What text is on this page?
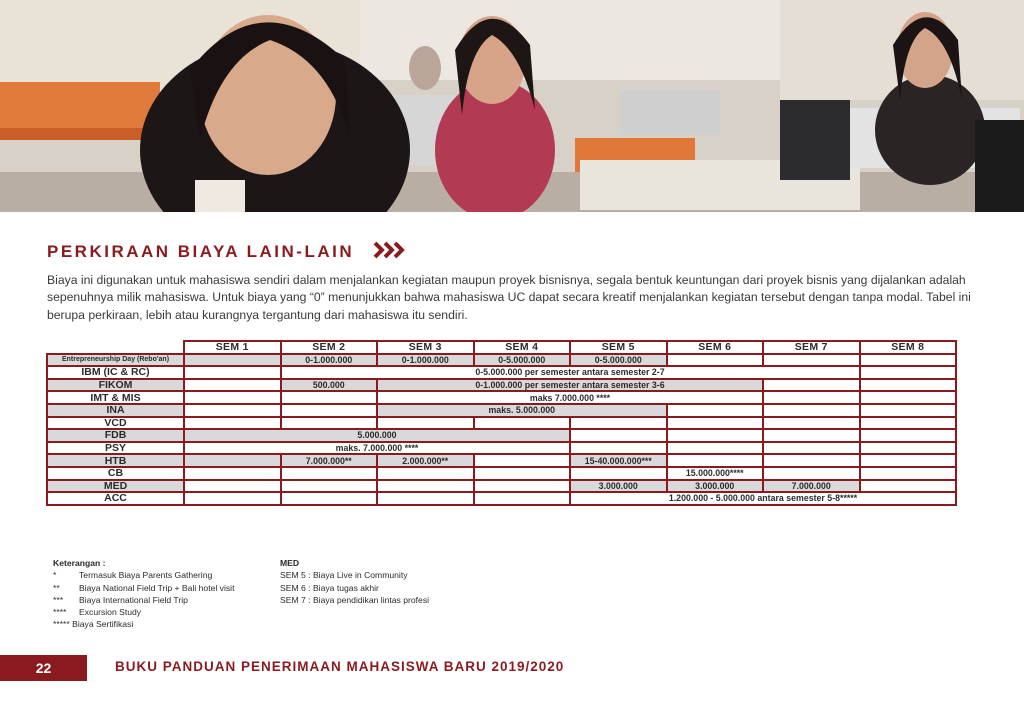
PERKIRAAN BIAYA LAIN-LAIN

Biaya ini digunakan untuk mahasiswa sendiri dalam menjalankan kegiatan maupun proyek bisnisnya, segala bentuk keuntungan dari proyek bisnis yang dijalankan adalah sepenuhnya milik mahasiswa. Untuk biaya yang “0” menunjukkan bahwa mahasiswa UC dapat secara kreatif menjalankan kegiatan tersebut dengan tanpa modal. Tabel ini berupa perkiraan, lebih atau kurangnya tergantung dari mahasiswa itu sendiri.

	SEM 1	SEM 2	SEM 3	SEM 4	SEM 5	SEM 6	SEM 7	SEM 8
Entrepreneurship Day (Rebo'an)		0-1.000.000	0-1.000.000	0-5.000.000	0-5.000.000			
IBM (IC & RC)		0-5.000.000 per semester antara semester 2-7						
FIKOM		500.000	0-1.000.000 per semester antara semester 3-6					
IMT & MIS			maks 7.000.000 ****					
INA			maks. 5.000.000					
VCD								
FDB	5.000.000							
PSY	maks. 7.000.000 ****							
HTB		7.000.000**	2.000.000**		15-40.000.000***			
CB						15.000.000****		
MED					3.000.000	3.000.000	7.000.000	
ACC					1.200.000 - 5.000.000 antara semester 5-8*****			
Keterangan :
*	Termasuk Biaya Parents Gathering
** Biaya National Field Trip + Bali hotel visit
*** Biaya International Field Trip
**** Excursion Study
***** Biaya Sertifikasi
MED
SEM 5 : Biaya Live in Community
SEM 6 : Biaya tugas akhir
SEM 7 : Biaya pendidikan lintas profesi
22	BUKU PANDUAN PENERIMAAN MAHASISWA BARU 2019/2020
